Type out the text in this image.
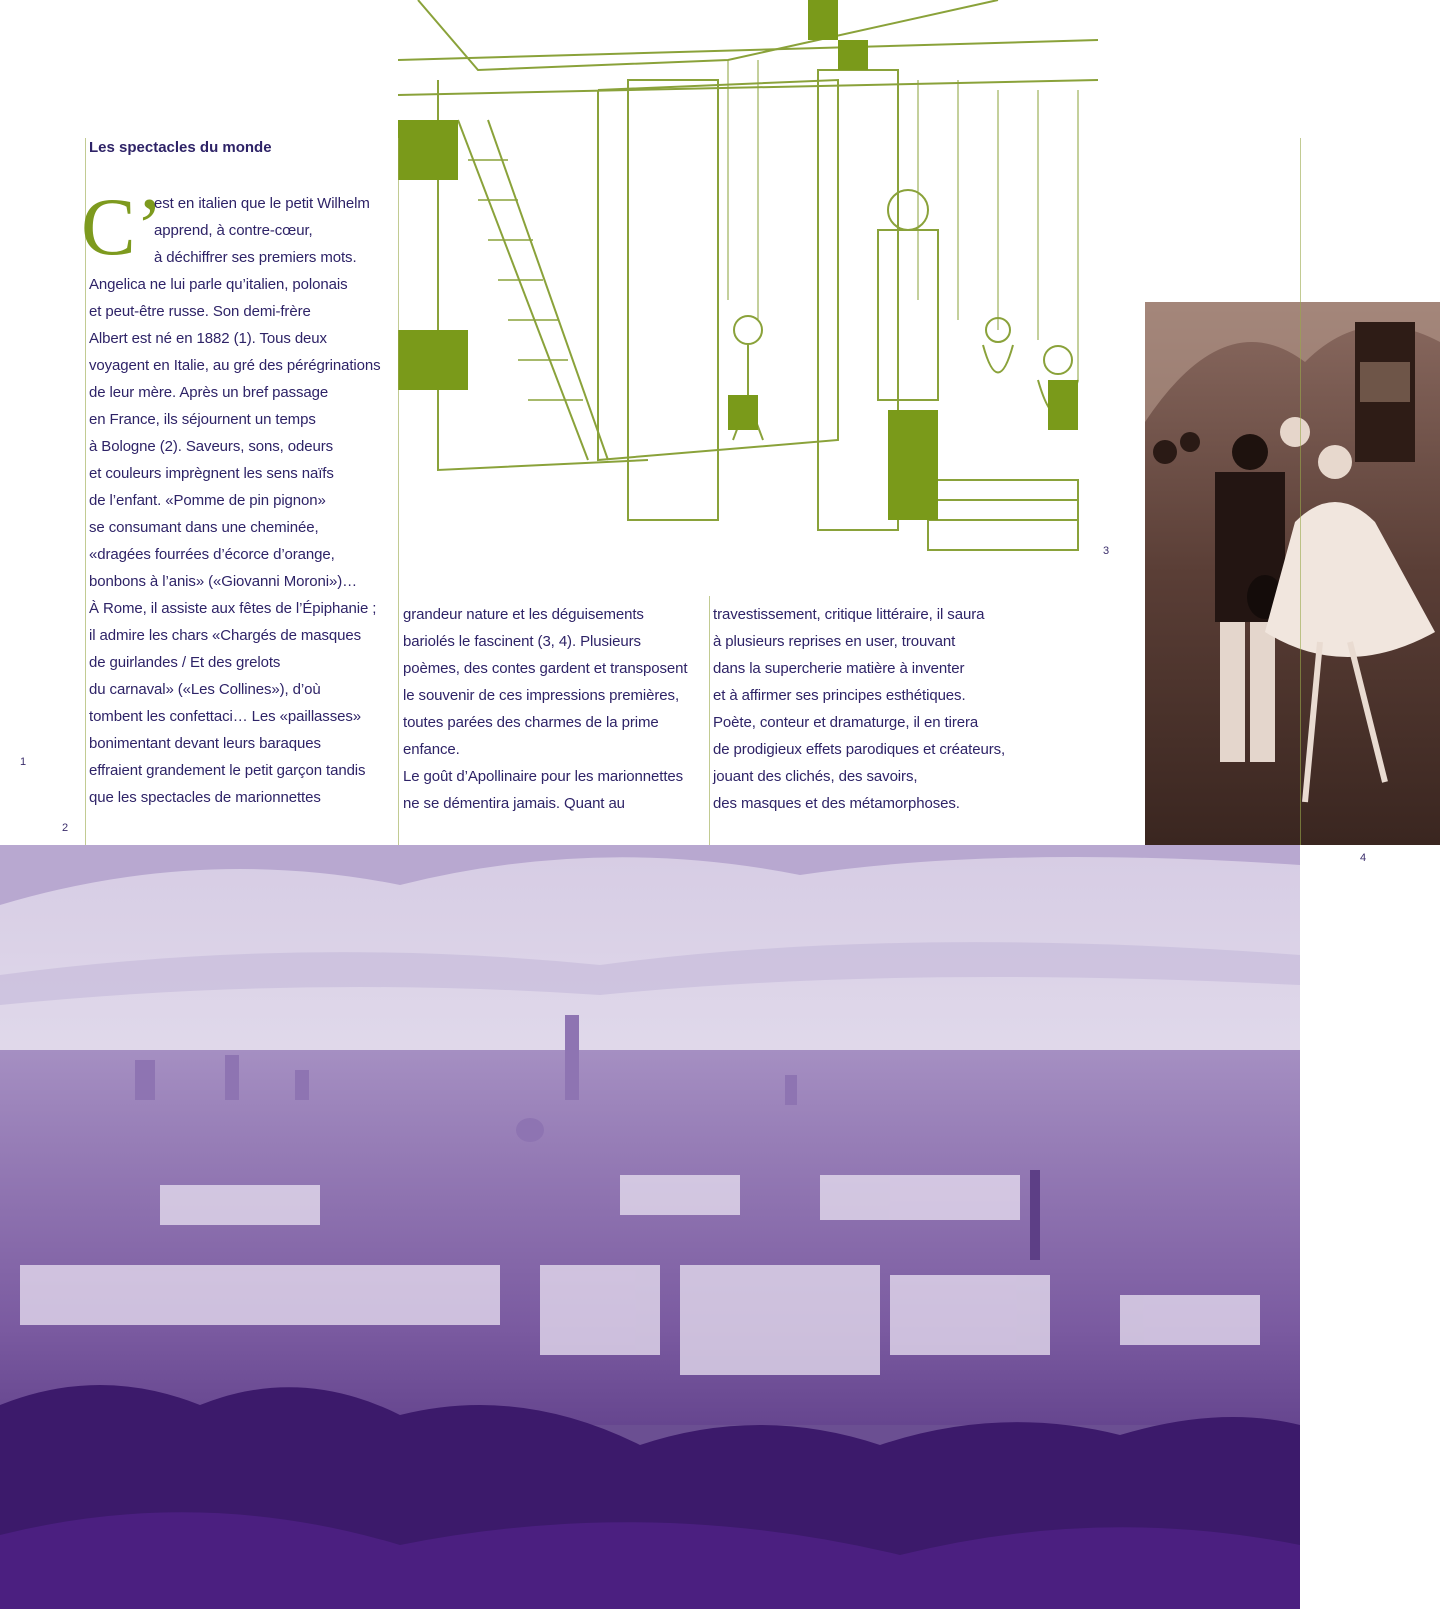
1
2
3
4
Les spectacles du monde
C’
est en italien que le petit Wilhelm
apprend, à contre-cœur,
à déchiffrer ses premiers mots.
Angelica ne lui parle qu’italien, polonais
et peut-être russe. Son demi-frère
Albert est né en 1882 (1). Tous deux
voyagent en Italie, au gré des pérégrinations
de leur mère. Après un bref passage
en France, ils séjournent un temps
à Bologne (2). Saveurs, sons, odeurs
et couleurs imprègnent les sens naïfs
de l’enfant. «Pomme de pin pignon»
se consumant dans une cheminée,
«dragées fourrées d’écorce d’orange,
bonbons à l’anis» («Giovanni Moroni»)…
À Rome, il assiste aux fêtes de l’Épiphanie ;
il admire les chars «Chargés de masques
de guirlandes / Et des grelots
du carnaval» («Les Collines»), d’où
tombent les confettaci… Les «paillasses»
bonimentant devant leurs baraques
effraient grandement le petit garçon tandis
que les spectacles de marionnettes
grandeur nature et les déguisements
bariolés le fascinent (3, 4). Plusieurs
poèmes, des contes gardent et transposent
le souvenir de ces impressions premières,
toutes parées des charmes de la prime
enfance.
Le goût d’Apollinaire pour les marionnettes
ne se démentira jamais. Quant au
travestissement, critique littéraire, il saura
à plusieurs reprises en user, trouvant
dans la supercherie matière à inventer
et à affirmer ses principes esthétiques.
Poète, conteur et dramaturge, il en tirera
de prodigieux effets parodiques et créateurs,
jouant des clichés, des savoirs,
des masques et des métamorphoses.
